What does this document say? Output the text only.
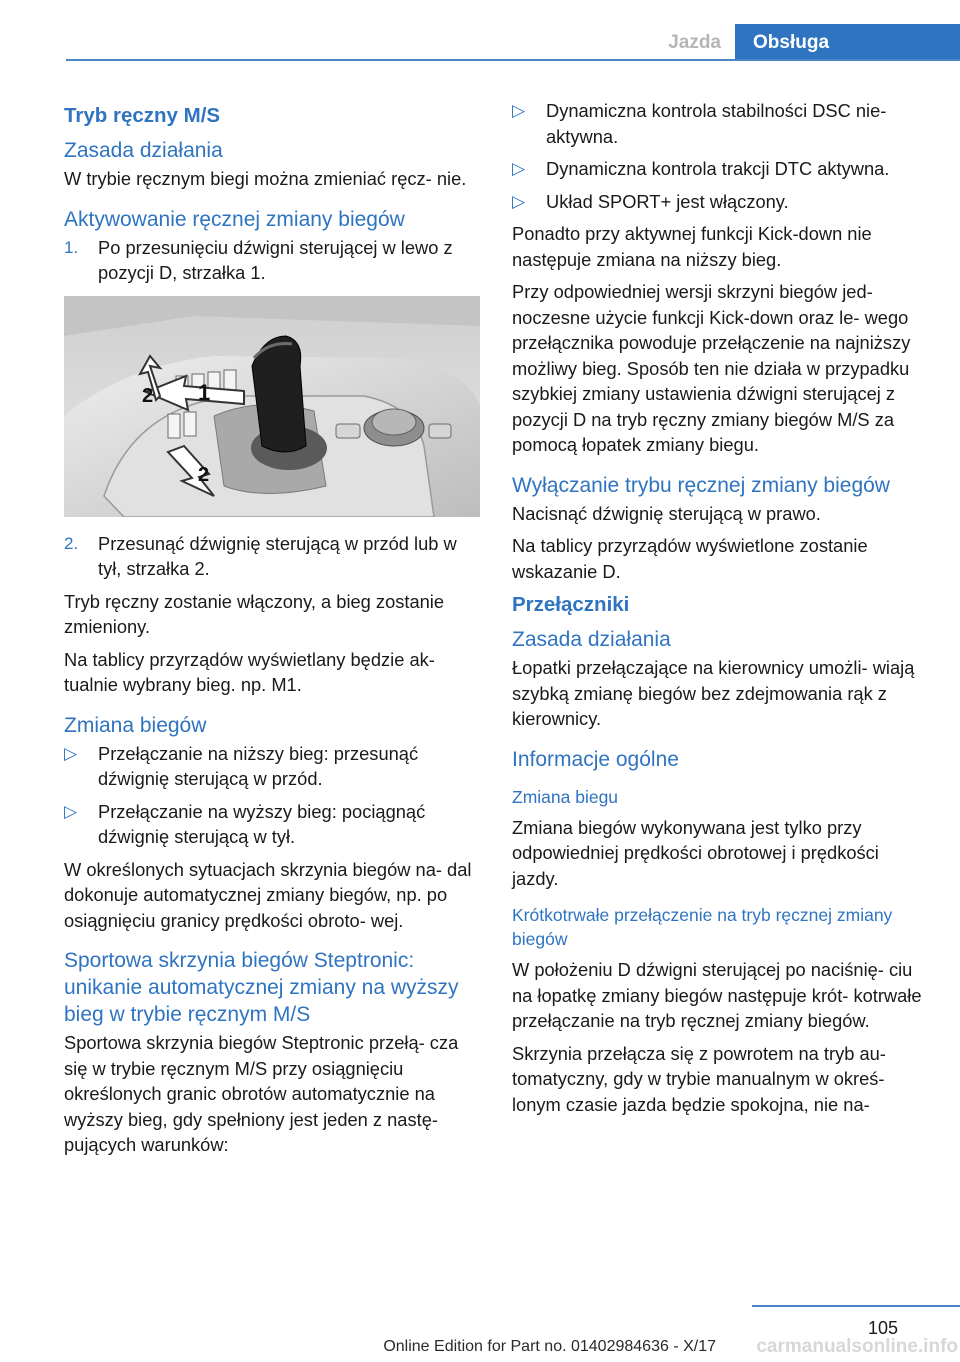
Jazda	Obsługa
Tryb ręczny M/S
Zasada działania
W trybie ręcznym biegi można zmieniać ręcz‐ nie.
Aktywowanie ręcznej zmiany biegów
1. Po przesunięciu dźwigni sterującej w lewo z pozycji D, strzałka 1.
1
2
2
2. Przesunąć dźwignię sterującą w przód lub w tył, strzałka 2.
Tryb ręczny zostanie włączony, a bieg zostanie zmieniony.
Na tablicy przyrządów wyświetlany będzie ak‐ tualnie wybrany bieg. np. M1.
Zmiana biegów
▷ Przełączanie na niższy bieg: przesunąć dźwignię sterującą w przód.
▷ Przełączanie na wyższy bieg: pociągnąć dźwignię sterującą w tył.
W określonych sytuacjach skrzynia biegów na‐ dal dokonuje automatycznej zmiany biegów, np. po osiągnięciu granicy prędkości obroto‐ wej.
Sportowa skrzynia biegów Steptronic: unikanie automatycznej zmiany na wyższy bieg w trybie ręcznym M/S
Sportowa skrzynia biegów Steptronic przełą‐ cza się w trybie ręcznym M/S przy osiągnięciu określonych granic obrotów automatycznie na wyższy bieg, gdy spełniony jest jeden z nastę‐ pujących warunków:
▷ Dynamiczna kontrola stabilności DSC nie‐ aktywna.
▷ Dynamiczna kontrola trakcji DTC aktywna.
▷ Układ SPORT+ jest włączony.
Ponadto przy aktywnej funkcji Kick-down nie następuje zmiana na niższy bieg.
Przy odpowiedniej wersji skrzyni biegów jed‐ noczesne użycie funkcji Kick-down oraz le‐ wego przełącznika powoduje przełączenie na najniższy możliwy bieg. Sposób ten nie działa w przypadku szybkiej zmiany ustawienia dźwigni sterującej z pozycji D na tryb ręczny zmiany biegów M/S za pomocą łopatek zmiany biegu.
Wyłączanie trybu ręcznej zmiany biegów
Nacisnąć dźwignię sterującą w prawo.
Na tablicy przyrządów wyświetlone zostanie wskazanie D.
Przełączniki
Zasada działania
Łopatki przełączające na kierownicy umożli‐ wiają szybką zmianę biegów bez zdejmowania rąk z kierownicy.
Informacje ogólne
Zmiana biegu
Zmiana biegów wykonywana jest tylko przy odpowiedniej prędkości obrotowej i prędkości jazdy.
Krótkotrwałe przełączenie na tryb ręcznej zmiany biegów
W położeniu D dźwigni sterującej po naciśnię‐ ciu na łopatkę zmiany biegów następuje krót‐ kotrwałe przełączanie na tryb ręcznej zmiany biegów.
Skrzynia przełącza się z powrotem na tryb au‐ tomatyczny, gdy w trybie manualnym w okreś‐ lonym czasie jazda będzie spokojna, nie na‐
105
Online Edition for Part no. 01402984636 - X/17 carmanualsonline.info
